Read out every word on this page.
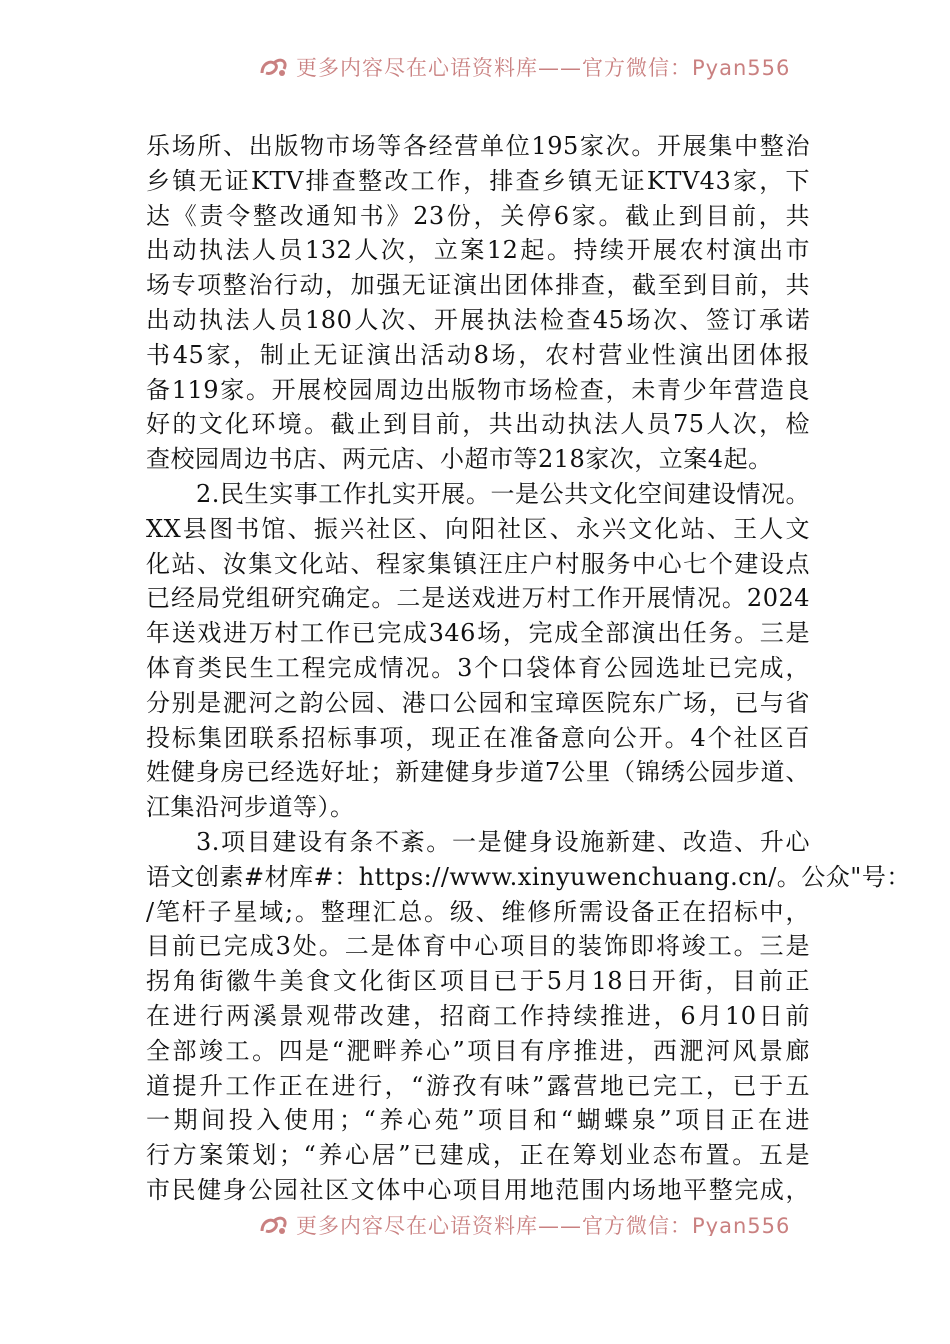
更多内容尽在心语资料库——官方微信：Pyan556
乐场所、出版物市场等各经营单位195家次。开展集中整治
乡镇无证KTV排查整改工作，排查乡镇无证KTV43家，下
达《责令整改通知书》23份，关停6家。截止到目前，共
出动执法人员132人次，立案12起。持续开展农村演出市
场专项整治行动，加强无证演出团体排查，截至到目前，共
出动执法人员180人次、开展执法检查45场次、签订承诺
书45家，制止无证演出活动8场，农村营业性演出团体报
备119家。开展校园周边出版物市场检查，未青少年营造良
好的文化环境。截止到目前，共出动执法人员75人次，检
查校园周边书店、两元店、小超市等218家次，立案4起。
2.民生实事工作扎实开展。一是公共文化空间建设情况。
XX县图书馆、振兴社区、向阳社区、永兴文化站、王人文
化站、汝集文化站、程家集镇汪庄户村服务中心七个建设点
已经局党组研究确定。二是送戏进万村工作开展情况。2024
年送戏进万村工作已完成346场，完成全部演出任务。三是
体育类民生工程完成情况。3个口袋体育公园选址已完成，
分别是淝河之韵公园、港口公园和宝璋医院东广场，已与省
投标集团联系招标事项，现正在准备意向公开。4个社区百
姓健身房已经选好址；新建健身步道7公里（锦绣公园步道、
江集沿河步道等）。
3.项目建设有条不紊。一是健身设施新建、改造、升心
语文创素#材库#：https://www.xinyuwenchuang.cn/。公众"号：
/笔杆子星域;。整理汇总。级、维修所需设备正在招标中，
目前已完成3处。二是体育中心项目的装饰即将竣工。三是
拐角街徽牛美食文化街区项目已于5月18日开街，目前正
在进行两溪景观带改建，招商工作持续推进，6月10日前
全部竣工。四是“淝畔养心”项目有序推进，西淝河风景廊
道提升工作正在进行，“游孜有味”露营地已完工，已于五
一期间投入使用；“养心苑”项目和“蝴蝶泉”项目正在进
行方案策划；“养心居”已建成，正在筹划业态布置。五是
市民健身公园社区文体中心项目用地范围内场地平整完成，
更多内容尽在心语资料库——官方微信：Pyan556
